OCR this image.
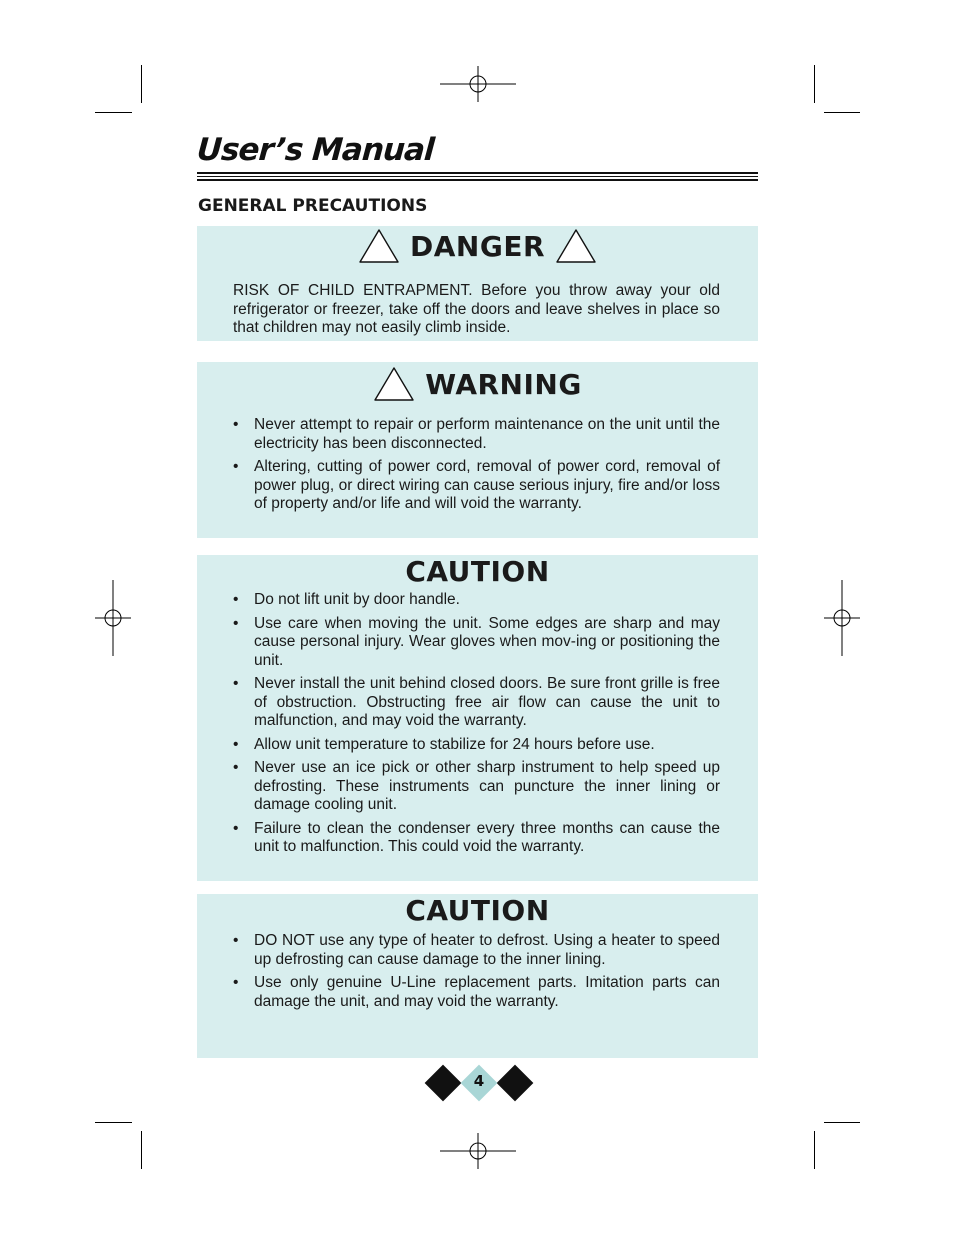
User’s Manual
GENERAL PRECAUTIONS
DANGER

RISK OF CHILD ENTRAPMENT. Before you throw away your old refrigerator or freezer, take off the doors and leave shelves in place so that children may not easily climb inside.

WARNING
• Never attempt to repair or perform maintenance on the unit until the electricity has been disconnected.
• Altering, cutting of power cord, removal of power cord, removal of power plug, or direct wiring can cause serious injury, fire and/or loss of property and/or life and will void the warranty.
CAUTION
• Do not lift unit by door handle.
• Use care when moving the unit. Some edges are sharp and may cause personal injury. Wear gloves when mov-ing or positioning the unit.
• Never install the unit behind closed doors. Be sure front grille is free of obstruction. Obstructing free air flow can cause the unit to malfunction, and may void the warranty.
• Allow unit temperature to stabilize for 24 hours before use.
• Never use an ice pick or other sharp instrument to help speed up defrosting. These instruments can puncture the inner lining or damage cooling unit.
• Failure to clean the condenser every three months can cause the unit to malfunction. This could void the warranty.
CAUTION
• DO NOT use any type of heater to defrost. Using a heater to speed up defrosting can cause damage to the inner lining.
• Use only genuine U-Line replacement parts. Imitation parts can damage the unit, and may void the warranty.
4
